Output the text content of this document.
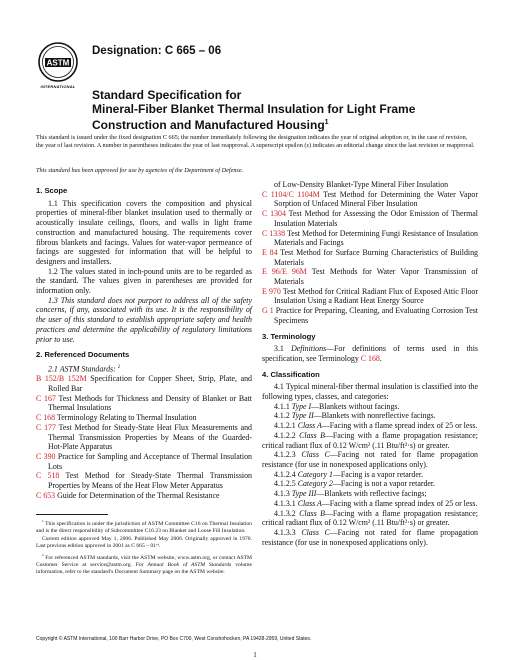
ASTM
INTERNATIONAL
Designation: C 665 – 06
Standard Specification for
Mineral-Fiber Blanket Thermal Insulation for Light Frame
Construction and Manufactured Housing$^1$
This standard is issued under the fixed designation C 665; the number immediately following the designation indicates the year of original adoption or, in the case of revision, the year of last revision. A number in parentheses indicates the year of last reapproval. A superscript epsilon (ε) indicates an editorial change since the last revision or reapproval.
This standard has been approved for use by agencies of the Department of Defense.
1. Scope

1.1 This specification covers the composition and physical properties of mineral-fiber blanket insulation used to thermally or acoustically insulate ceilings, floors, and walls in light frame construction and manufactured housing. The requirements cover fibrous blankets and facings. Values for water-vapor permeance of facings are suggested for information that will be helpful to designers and installers.

1.2 The values stated in inch-pound units are to be regarded as the standard. The values given in parentheses are provided for information only.

1.3 This standard does not purport to address all of the safety concerns, if any, associated with its use. It is the responsibility of the user of this standard to establish appropriate safety and health practices and determine the applicability of regulatory limitations prior to use.

2. Referenced Documents

2.1 ASTM Standards: $^2$

B 152/B 152M Specification for Copper Sheet, Strip, Plate, and Rolled Bar

C 167 Test Methods for Thickness and Density of Blanket or Batt Thermal Insulations

C 168 Terminology Relating to Thermal Insulation

C 177 Test Method for Steady-State Heat Flux Measurements and Thermal Transmission Properties by Means of the Guarded-Hot-Plate Apparatus

C 390 Practice for Sampling and Acceptance of Thermal Insulation Lots

C 518 Test Method for Steady-State Thermal Transmission Properties by Means of the Heat Flow Meter Apparatus

C 653 Guide for Determination of the Thermal Resistance

$^1$ This specification is under the jurisdiction of ASTM Committee C16 on Thermal Insulation and is the direct responsibility of Subcommittee C16.23 on Blanket and Loose Fill Insulation.

Current edition approved May 1, 2006. Published May 2006. Originally approved in 1970. Last previous edition approved in 2001 as C 665 – 01ᵉ¹.

$^2$ For referenced ASTM standards, visit the ASTM website, www.astm.org, or contact ASTM Customer Service at service@astm.org. For Annual Book of ASTM Standards volume information, refer to the standard's Document Summary page on the ASTM website.

of Low-Density Blanket-Type Mineral Fiber Insulation

C 1104/C 1104M Test Method for Determining the Water Vapor Sorption of Unfaced Mineral Fiber Insulation

C 1304 Test Method for Assessing the Odor Emission of Thermal Insulation Materials

C 1338 Test Method for Determining Fungi Resistance of Insulation Materials and Facings

E 84 Test Method for Surface Burning Characteristics of Building Materials

E 96/E 96M Test Methods for Water Vapor Transmission of Materials

E 970 Test Method for Critical Radiant Flux of Exposed Attic Floor Insulation Using a Radiant Heat Energy Source

G 1 Practice for Preparing, Cleaning, and Evaluating Corrosion Test Specimens

3. Terminology

3.1 Definitions—For definitions of terms used in this specification, see Terminology C 168.

4. Classification

4.1 Typical mineral-fiber thermal insulation is classified into the following types, classes, and categories:

4.1.1 Type I—Blankets without facings.

4.1.2 Type II—Blankets with nonreflective facings.

4.1.2.1 Class A—Facing with a flame spread index of 25 or less.

4.1.2.2 Class B—Facing with a flame propagation resistance; critical radiant flux of 0.12 W/cm² (.11 Btu/ft²·s) or greater.

4.1.2.3 Class C—Facing not rated for flame propagation resistance (for use in nonexposed applications only).

4.1.2.4 Category 1—Facing is a vapor retarder.

4.1.2.5 Category 2—Facing is not a vapor retarder.

4.1.3 Type III—Blankets with reflective facings;

4.1.3.1 Class A—Facing with a flame spread index of 25 or less.

4.1.3.2 Class B—Facing with a flame propagation resistance; critical radiant flux of 0.12 W/cm² (.11 Btu/ft²·s) or greater.

4.1.3.3 Class C—Facing not rated for flame propagation resistance (for use in nonexposed applications only).

Copyright © ASTM International, 100 Barr Harbor Drive, PO Box C700, West Conshohocken, PA 19428-2959, United States.
1
